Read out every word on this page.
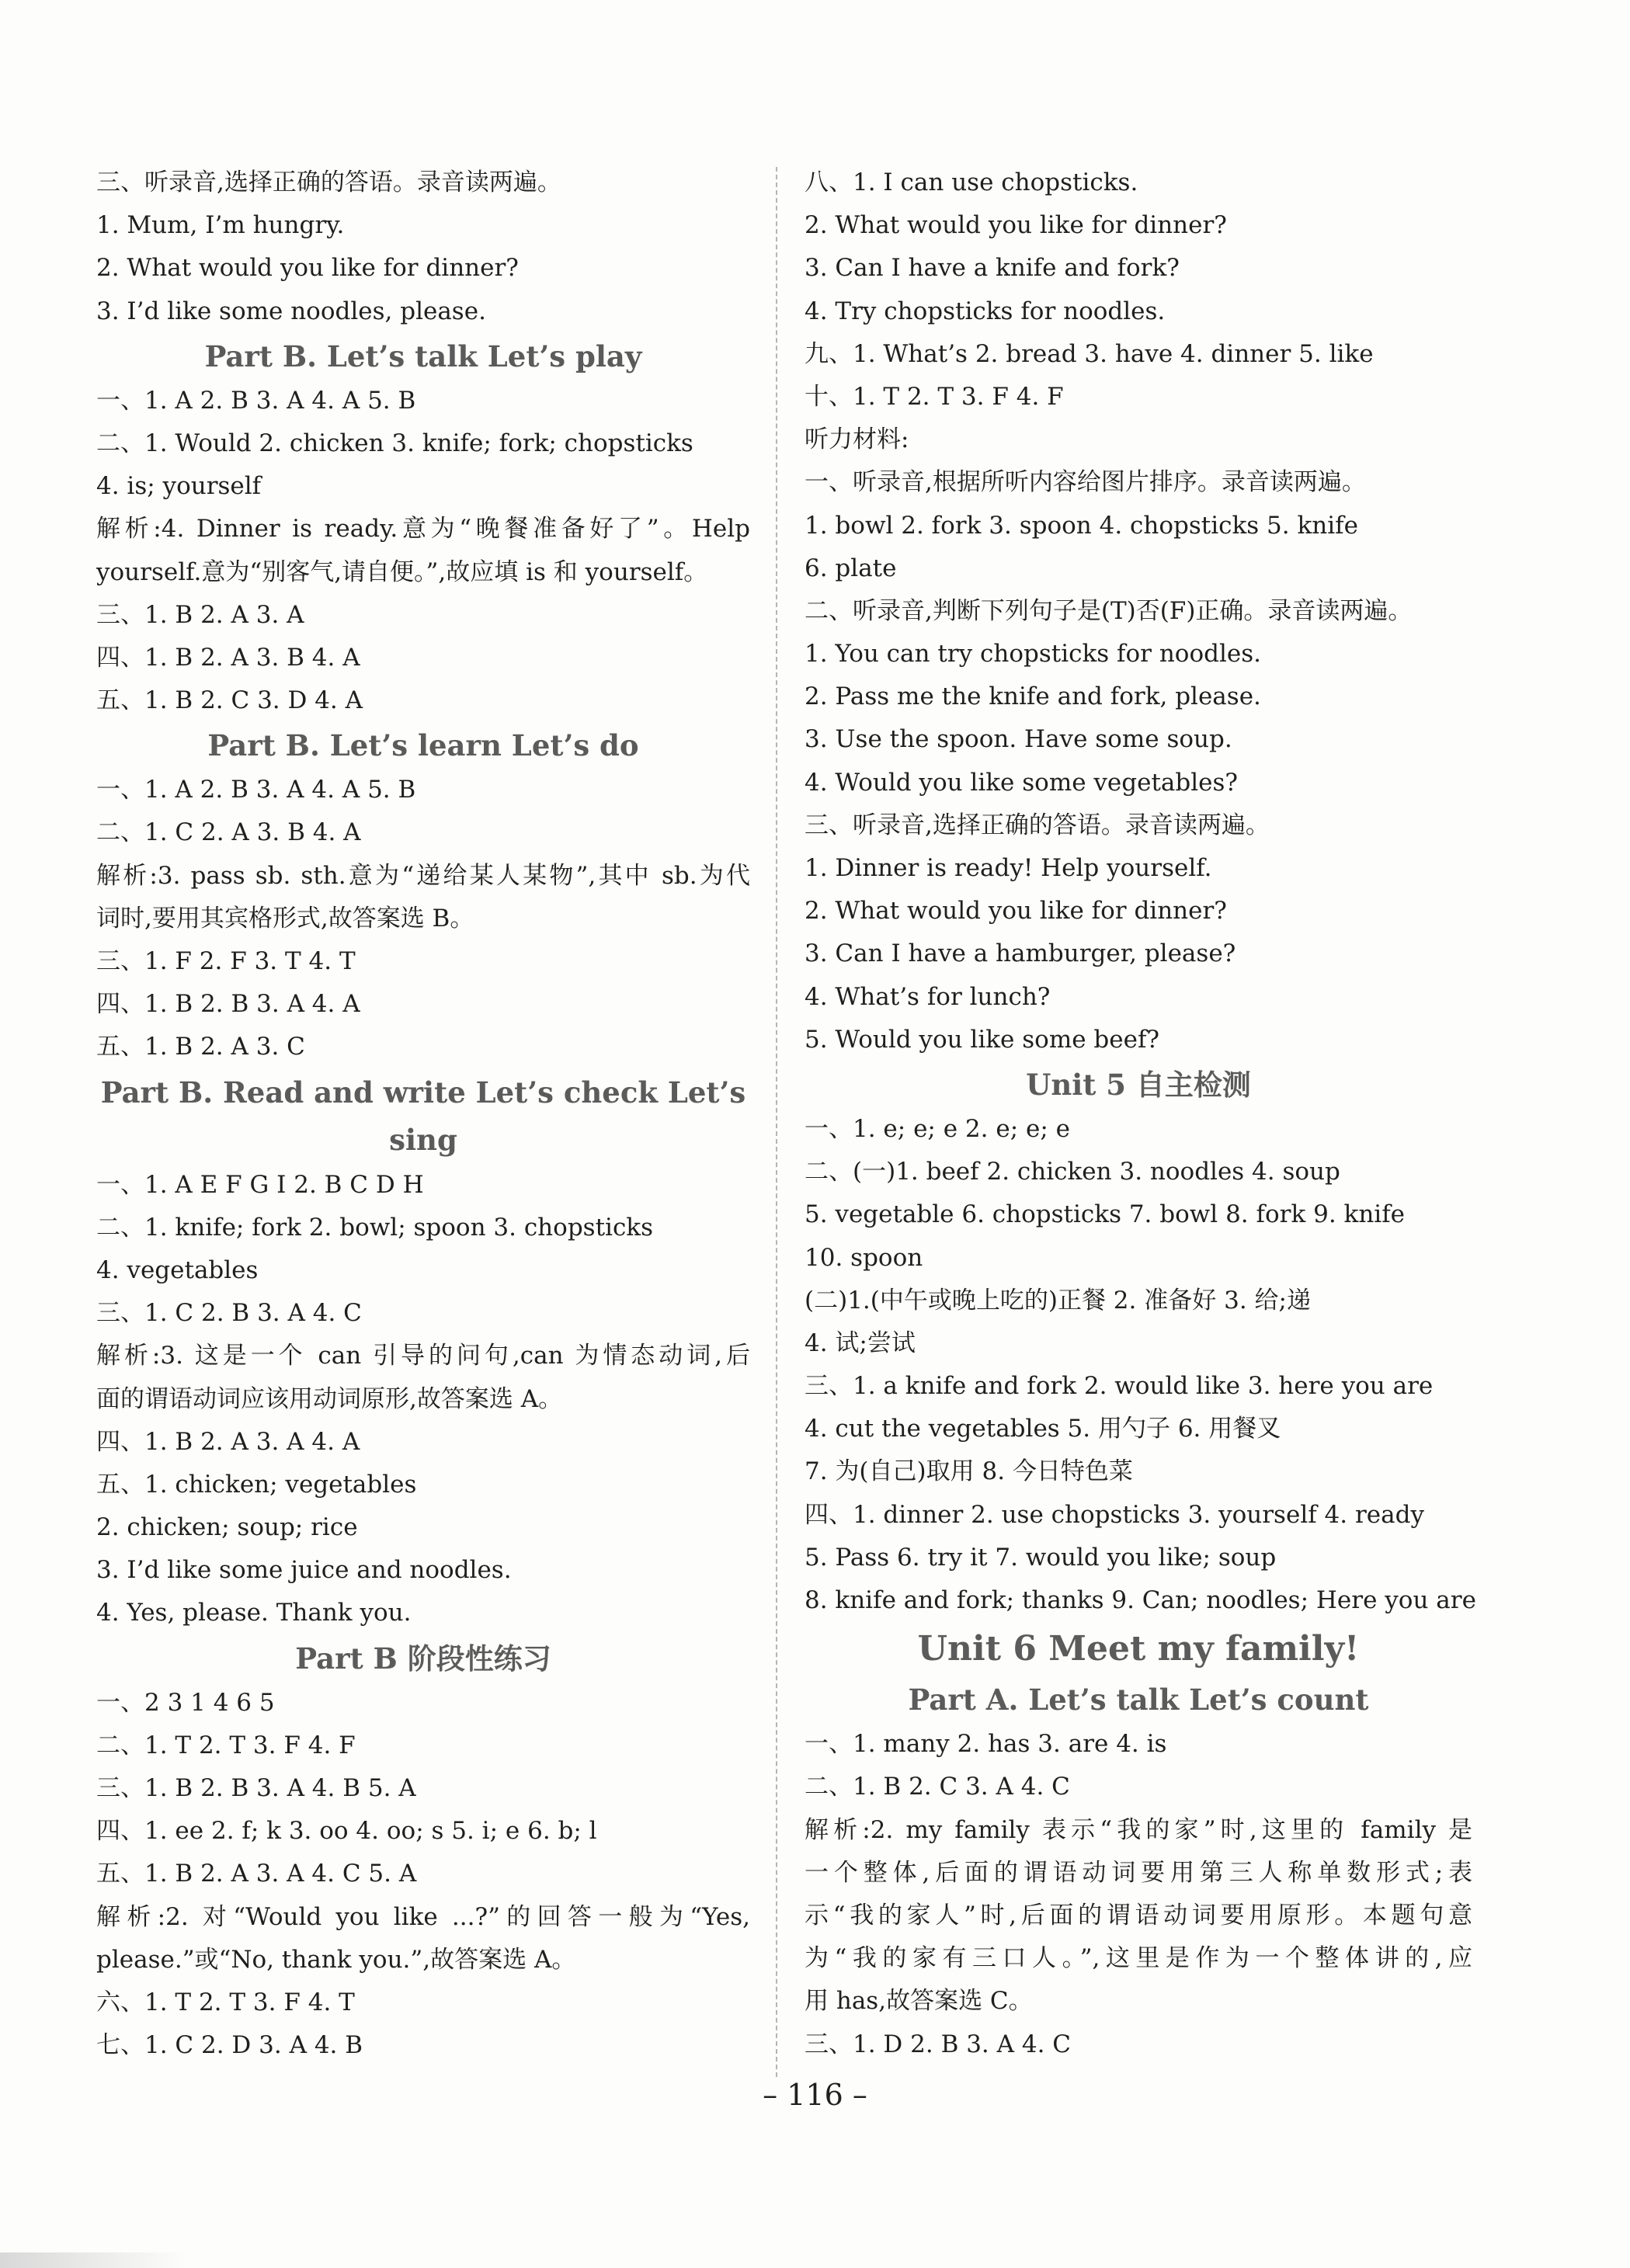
三、听录音,选择正确的答语。录音读两遍。
1. Mum, I’m hungry.
2. What would you like for dinner?
3. I’d like some noodles, please.
Part B. Let’s talk Let’s play
一、1. A 2. B 3. A 4. A 5. B
二、1. Would 2. chicken 3. knife; fork; chopsticks
4. is; yourself
解析:4. Dinner is ready.意为“晚餐准备好了”。Help
yourself.意为“别客气,请自便。”,故应填 is 和 yourself。
三、1. B 2. A 3. A
四、1. B 2. A 3. B 4. A
五、1. B 2. C 3. D 4. A
Part B. Let’s learn Let’s do
一、1. A 2. B 3. A 4. A 5. B
二、1. C 2. A 3. B 4. A
解析:3. pass sb. sth.意为“递给某人某物”,其中 sb.为代
词时,要用其宾格形式,故答案选 B。
三、1. F 2. F 3. T 4. T
四、1. B 2. B 3. A 4. A
五、1. B 2. A 3. C
Part B. Read and write Let’s check Let’s sing
一、1. A E F G I 2. B C D H
二、1. knife; fork 2. bowl; spoon 3. chopsticks
4. vegetables
三、1. C 2. B 3. A 4. C
解析:3. 这是一个 can 引导的问句,can 为情态动词,后
面的谓语动词应该用动词原形,故答案选 A。
四、1. B 2. A 3. A 4. A
五、1. chicken; vegetables
2. chicken; soup; rice
3. I’d like some juice and noodles.
4. Yes, please. Thank you.
Part B 阶段性练习
一、2 3 1 4 6 5
二、1. T 2. T 3. F 4. F
三、1. B 2. B 3. A 4. B 5. A
四、1. ee 2. f; k 3. oo 4. oo; s 5. i; e 6. b; l
五、1. B 2. A 3. A 4. C 5. A
解析:2. 对“Would you like ...?”的回答一般为“Yes,
please.”或“No, thank you.”,故答案选 A。
六、1. T 2. T 3. F 4. T
七、1. C 2. D 3. A 4. B
八、1. I can use chopsticks.
2. What would you like for dinner?
3. Can I have a knife and fork?
4. Try chopsticks for noodles.
九、1. What’s 2. bread 3. have 4. dinner 5. like
十、1. T 2. T 3. F 4. F
听力材料:
一、听录音,根据所听内容给图片排序。录音读两遍。
1. bowl 2. fork 3. spoon 4. chopsticks 5. knife
6. plate
二、听录音,判断下列句子是(T)否(F)正确。录音读两遍。
1. You can try chopsticks for noodles.
2. Pass me the knife and fork, please.
3. Use the spoon. Have some soup.
4. Would you like some vegetables?
三、听录音,选择正确的答语。录音读两遍。
1. Dinner is ready! Help yourself.
2. What would you like for dinner?
3. Can I have a hamburger, please?
4. What’s for lunch?
5. Would you like some beef?
Unit 5 自主检测
一、1. e; e; e 2. e; e; e
二、(一)1. beef 2. chicken 3. noodles 4. soup
5. vegetable 6. chopsticks 7. bowl 8. fork 9. knife
10. spoon
(二)1.(中午或晚上吃的)正餐 2. 准备好 3. 给;递
4. 试;尝试
三、1. a knife and fork 2. would like 3. here you are
4. cut the vegetables 5. 用勺子 6. 用餐叉
7. 为(自己)取用 8. 今日特色菜
四、1. dinner 2. use chopsticks 3. yourself 4. ready
5. Pass 6. try it 7. would you like; soup
8. knife and fork; thanks 9. Can; noodles; Here you are
Unit 6 Meet my family!
Part A. Let’s talk Let’s count
一、1. many 2. has 3. are 4. is
二、1. B 2. C 3. A 4. C
解析:2. my family 表示“我的家”时,这里的 family 是
一个整体,后面的谓语动词要用第三人称单数形式;表
示“我的家人”时,后面的谓语动词要用原形。本题句意
为“我的家有三口人。”,这里是作为一个整体讲的,应
用 has,故答案选 C。
三、1. D 2. B 3. A 4. C
– 116 –
